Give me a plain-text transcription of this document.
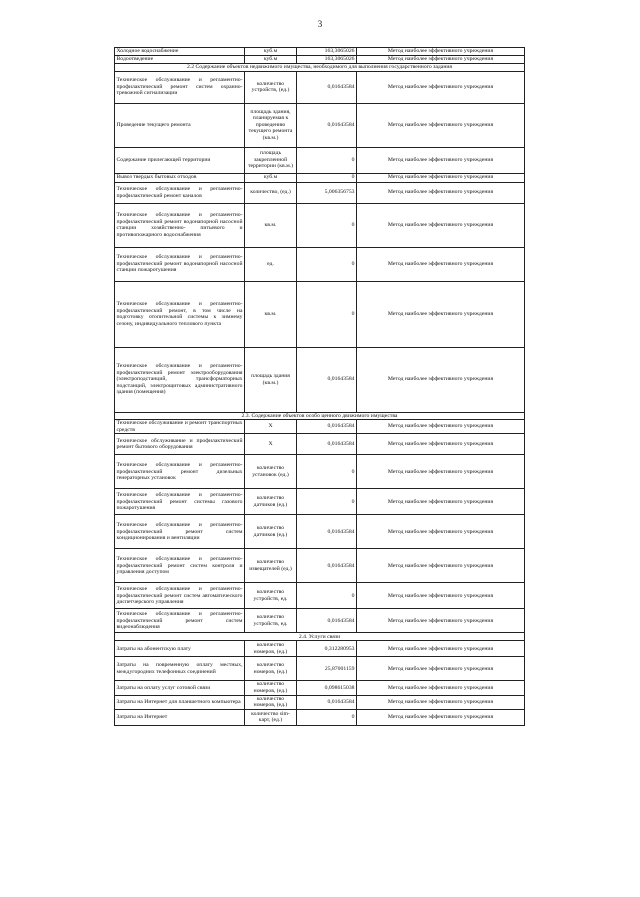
3
Холодное водоснабжение	куб.м	163,3065026	Метод наиболее эффективного учреждения
Водоотведение	куб.м	163,3065026	Метод наиболее эффективного учреждения
2.2 Содержание объектов недвижимого имущества, необходимого для выполнения государственного задания			
Техническое обслуживание и регламентно- профилактический ремонт систем охранно- тревожной сигнализации	количество устройств, (ед.)	0,01643584	Метод наиболее эффективного учреждения
Проведение текущего ремонта	площадь здания, планируемая к проведению текущего ремонта (кв.м.)	0,01643584	Метод наиболее эффективного учреждения
Содержание прилегающей территории	площадь закрепленной территории (кв.м.)	0	Метод наиболее эффективного учреждения
Вывоз твердых бытовых отходов	куб.м	0	Метод наиболее эффективного учреждения
Техническое обслуживание и регламентно- профилактический ремонт каналов	количество, (ед.)	5,006356753	Метод наиболее эффективного учреждения
Техническое обслуживание и регламентно- профилактический ремонт водонапорной насосной станции хозяйственно- питьевого и противопожарного водоснабжения	кв.м.	0	Метод наиболее эффективного учреждения
Техническое обслуживание и регламентно- профилактический ремонт водонапорной насосной станции пожаротушения	ед.	0	Метод наиболее эффективного учреждения
Техническое обслуживание и регламентно- профилактический ремонт, в том числе на подготовку отопительной системы к зимнему сезону, индивидуального теплового пункта	кв.м.	0	Метод наиболее эффективного учреждения
Техническое обслуживание и регламентно- профилактический ремонт электрооборудования (электроподстанций, трансформаторных подстанций, электрощитовых административного здания (помещения)	площадь здания (кв.м.)	0,01643584	Метод наиболее эффективного учреждения
2.3. Содержание объектов особо ценного движимого имущества			
Техническое обслуживание и ремонт транспортных средств	Х	0,01643584	Метод наиболее эффективного учреждения
Техническое обслуживание и профилактический ремонт бытового оборудования	Х	0,01643584	Метод наиболее эффективного учреждения
Техническое обслуживание и регламентно-профилактический ремонт дизельных генераторных установок	количество установок (ед.)	0	Метод наиболее эффективного учреждения
Техническое обслуживание и регламентно-профилактический ремонт системы газового пожаротушения	количество датчиков (ед.)	0	Метод наиболее эффективного учреждения
Техническое обслуживание и регламентно-профилактический ремонт систем кондиционирования и вентиляции	количество датчиков (ед.)	0,01643584	Метод наиболее эффективного учреждения
Техническое обслуживание и регламентно- профилактический ремонт систем контроля и управления доступом	количество извещателей (ед.)	0,01643584	Метод наиболее эффективного учреждения
Техническое обслуживание и регламентно- профилактический ремонт систем автоматического диспетчерского управления	количество устройств, ед.	0	Метод наиболее эффективного учреждения
Техническое обслуживание и регламентно- профилактический ремонт систем видеонаблюдения	количество устройств, ед.	0,01643584	Метод наиболее эффективного учреждения
2.4. Услуги связи			
Затраты на абонентскую плату	количество номеров, (ед.)	0,312280953	Метод наиболее эффективного учреждения
Затраты на повременную оплату местных, междугородних телефонных соединений	количество номеров, (ед.)	25,87001159	Метод наиболее эффективного учреждения
Затраты на оплату услуг сотовой связи	количество номеров, (ед.)	0,098615038	Метод наиболее эффективного учреждения
Затраты на Интернет для планшетного компьютера	количество номеров, (ед.)	0,01643584	Метод наиболее эффективного учреждения
Затраты на Интернет	количество sim-карт, (ед.)	0	Метод наиболее эффективного учреждения
